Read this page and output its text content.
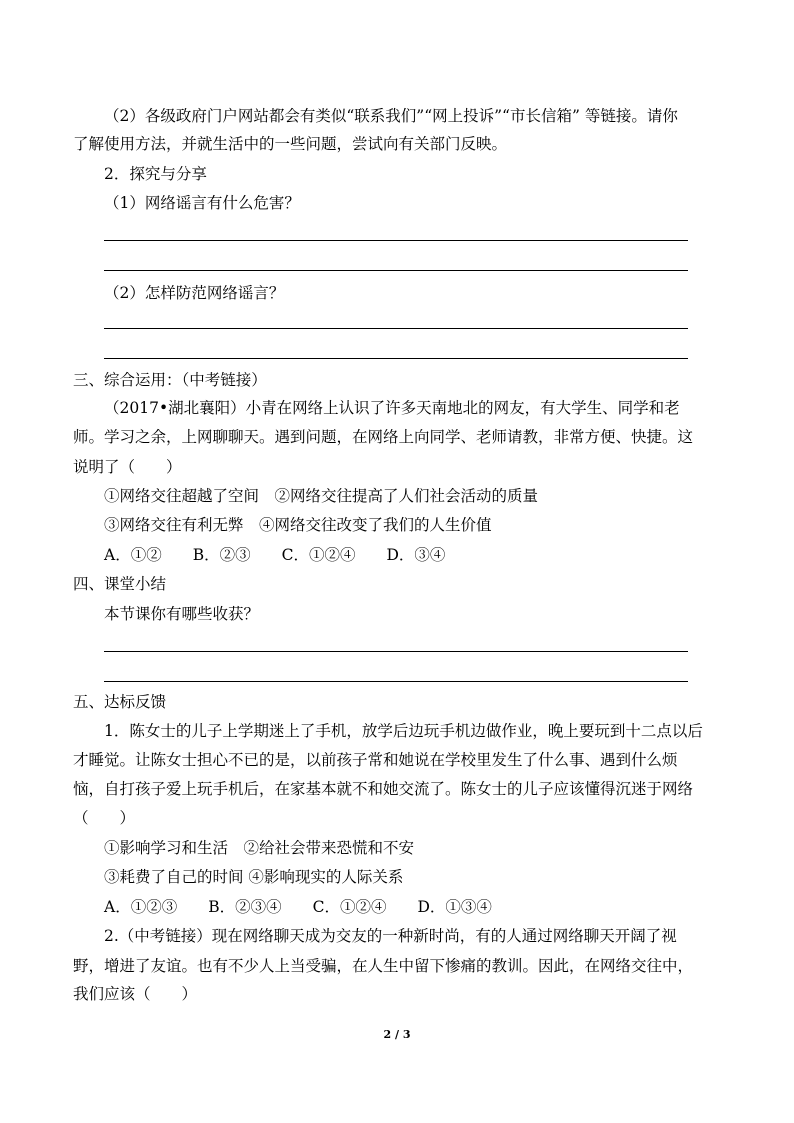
（2）各级政府门户网站都会有类似“联系我们”“网上投诉”“市长信箱” 等链接。请你
了解使用方法，并就生活中的一些问题，尝试向有关部门反映。
2．探究与分享
（1）网络谣言有什么危害？
（2）怎样防范网络谣言？
三、综合运用：（中考链接）
（2017•湖北襄阳）小青在网络上认识了许多天南地北的网友，有大学生、同学和老
师。学习之余，上网聊聊天。遇到问题，在网络上向同学、老师请教，非常方便、快捷。这
说明了（　　）
①网络交往超越了空间　②网络交往提高了人们社会活动的质量
③网络交往有利无弊　④网络交往改变了我们的人生价值
A．①②　　B．②③　　C．①②④　　D．③④
四、课堂小结
本节课你有哪些收获？
五、达标反馈
1．陈女士的儿子上学期迷上了手机，放学后边玩手机边做作业，晚上要玩到十二点以后
才睡觉。让陈女士担心不已的是，以前孩子常和她说在学校里发生了什么事、遇到什么烦
恼，自打孩子爱上玩手机后，在家基本就不和她交流了。陈女士的儿子应该懂得沉迷于网络
（　　）
①影响学习和生活　②给社会带来恐慌和不安
③耗费了自己的时间 ④影响现实的人际关系
A．①②③　　B．②③④　　C．①②④　　D．①③④
2.（中考链接）现在网络聊天成为交友的一种新时尚，有的人通过网络聊天开阔了视
野，增进了友谊。也有不少人上当受骗，在人生中留下惨痛的教训。因此，在网络交往中，
我们应该（　　）
2 / 3
